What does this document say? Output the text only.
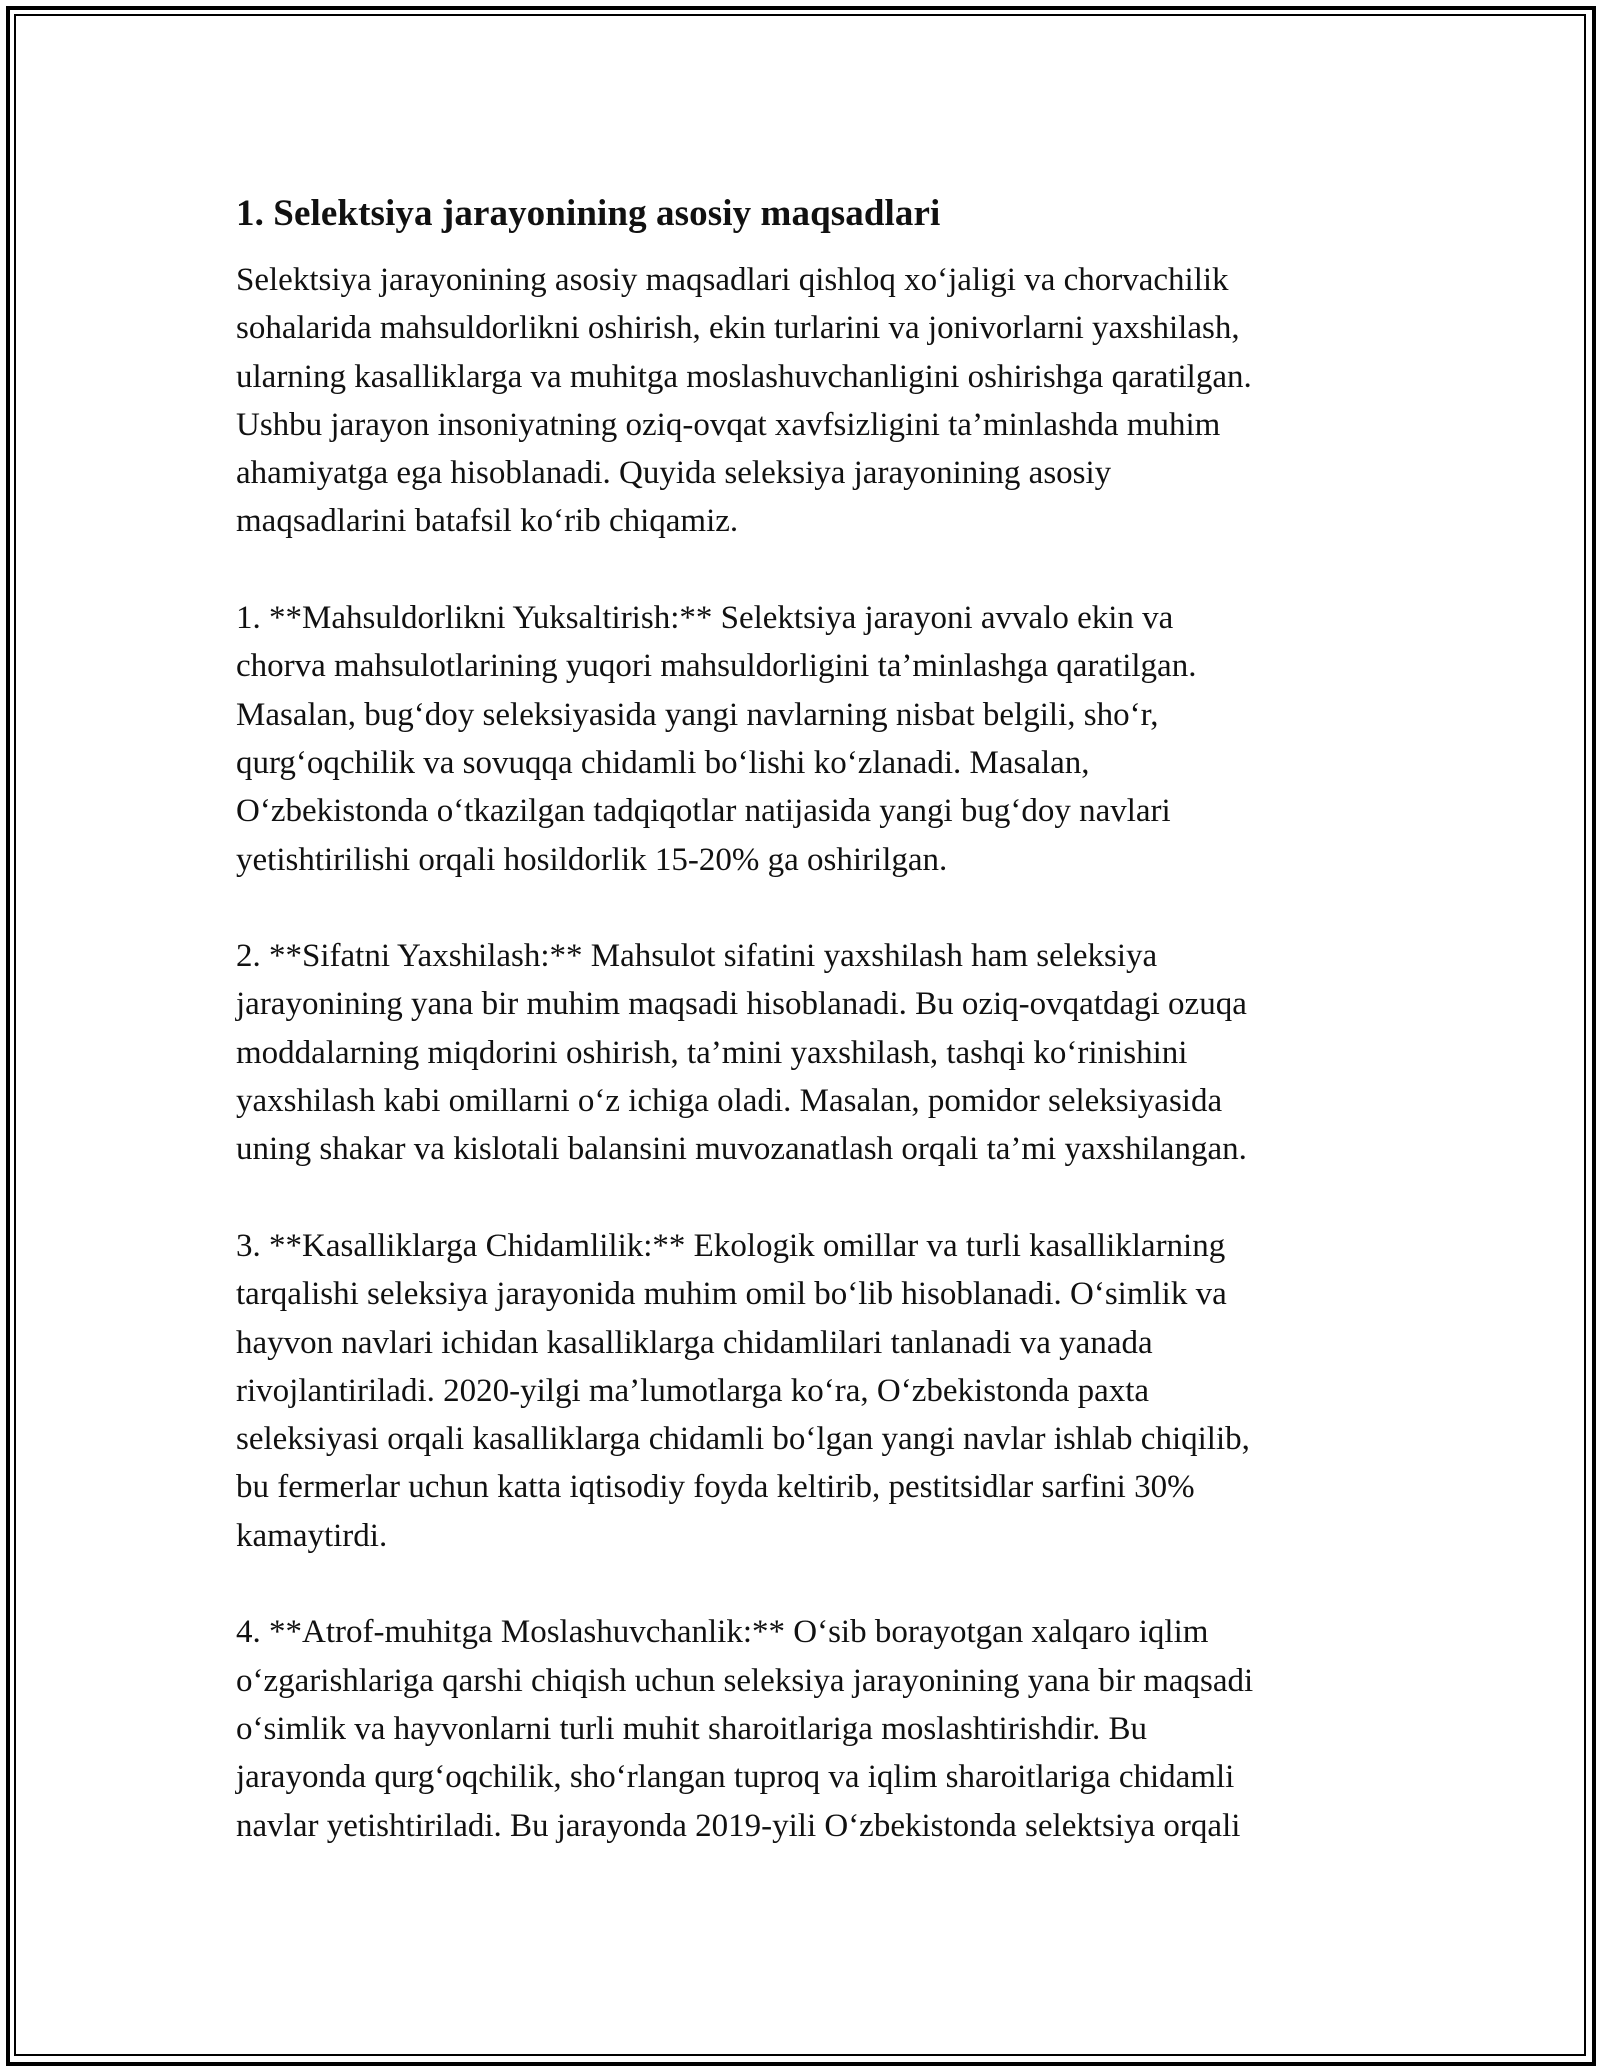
1. Selektsiya jarayonining asosiy maqsadlari

Selektsiya jarayonining asosiy maqsadlari qishloq xo‘jaligi va chorvachilik
sohalarida mahsuldorlikni oshirish, ekin turlarini va jonivorlarni yaxshilash,
ularning kasalliklarga va muhitga moslashuvchanligini oshirishga qaratilgan.
Ushbu jarayon insoniyatning oziq-ovqat xavfsizligini ta’minlashda muhim
ahamiyatga ega hisoblanadi. Quyida seleksiya jarayonining asosiy
maqsadlarini batafsil ko‘rib chiqamiz.

1. **Mahsuldorlikni Yuksaltirish:** Selektsiya jarayoni avvalo ekin va
chorva mahsulotlarining yuqori mahsuldorligini ta’minlashga qaratilgan.
Masalan, bug‘doy seleksiyasida yangi navlarning nisbat belgili, sho‘r,
qurg‘oqchilik va sovuqqa chidamli bo‘lishi ko‘zlanadi. Masalan,
O‘zbekistonda o‘tkazilgan tadqiqotlar natijasida yangi bug‘doy navlari
yetishtirilishi orqali hosildorlik 15-20% ga oshirilgan.

2. **Sifatni Yaxshilash:** Mahsulot sifatini yaxshilash ham seleksiya
jarayonining yana bir muhim maqsadi hisoblanadi. Bu oziq-ovqatdagi ozuqa
moddalarning miqdorini oshirish, ta’mini yaxshilash, tashqi ko‘rinishini
yaxshilash kabi omillarni o‘z ichiga oladi. Masalan, pomidor seleksiyasida
uning shakar va kislotali balansini muvozanatlash orqali ta’mi yaxshilangan.

3. **Kasalliklarga Chidamlilik:** Ekologik omillar va turli kasalliklarning
tarqalishi seleksiya jarayonida muhim omil bo‘lib hisoblanadi. O‘simlik va
hayvon navlari ichidan kasalliklarga chidamlilari tanlanadi va yanada
rivojlantiriladi. 2020-yilgi ma’lumotlarga ko‘ra, O‘zbekistonda paxta
seleksiyasi orqali kasalliklarga chidamli bo‘lgan yangi navlar ishlab chiqilib,
bu fermerlar uchun katta iqtisodiy foyda keltirib, pestitsidlar sarfini 30%
kamaytirdi.

4. **Atrof-muhitga Moslashuvchanlik:** O‘sib borayotgan xalqaro iqlim
o‘zgarishlariga qarshi chiqish uchun seleksiya jarayonining yana bir maqsadi
o‘simlik va hayvonlarni turli muhit sharoitlariga moslashtirishdir. Bu
jarayonda qurg‘oqchilik, sho‘rlangan tuproq va iqlim sharoitlariga chidamli
navlar yetishtiriladi. Bu jarayonda 2019-yili O‘zbekistonda selektsiya orqali
